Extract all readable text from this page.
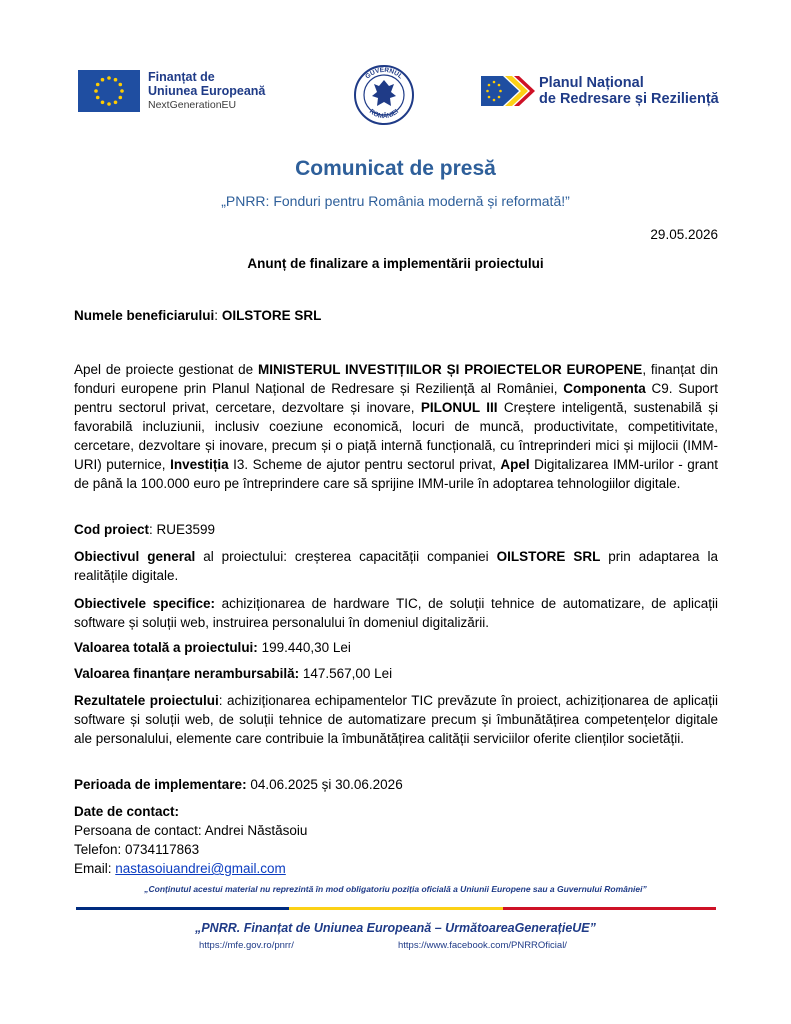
Finanțat de
Uniunea Europeană
NextGenerationEU
GUVERNUL
ROMÂNIEI
Planul Național
de Redresare și Reziliență
Comunicat de presă
„PNRR: Fonduri pentru România modernă și reformată!”
29.05.2026
Anunț de finalizare a implementării proiectului
Numele beneficiarului: OILSTORE SRL
Apel de proiecte gestionat de MINISTERUL INVESTIȚIILOR ȘI PROIECTELOR EUROPENE, finanțat din fonduri europene prin Planul Național de Redresare și Reziliență al României, Componenta C9. Suport pentru sectorul privat, cercetare, dezvoltare și inovare, PILONUL III Creștere inteligentă, sustenabilă și favorabilă incluziunii, inclusiv coeziune economică, locuri de muncă, productivitate, competitivitate, cercetare, dezvoltare și inovare, precum și o piață internă funcțională, cu întreprinderi mici și mijlocii (IMM-URI) puternice, Investiția I3. Scheme de ajutor pentru sectorul privat, Apel Digitalizarea IMM-urilor - grant de până la 100.000 euro pe întreprindere care să sprijine IMM-urile în adoptarea tehnologiilor digitale.
Cod proiect: RUE3599
Obiectivul general al proiectului: creșterea capacității companiei OILSTORE SRL prin adaptarea la realitățile digitale.
Obiectivele specifice: achiziționarea de hardware TIC, de soluții tehnice de automatizare, de aplicații software și soluții web, instruirea personalului în domeniul digitalizării.
Valoarea totală a proiectului: 199.440,30 Lei
Valoarea finanțare nerambursabilă: 147.567,00 Lei
Rezultatele proiectului: achiziționarea echipamentelor TIC prevăzute în proiect, achiziționarea de aplicații software și soluții web, de soluții tehnice de automatizare precum și îmbunătățirea competențelor digitale ale personalului, elemente care contribuie la îmbunătățirea calității serviciilor oferite clienților societății.
Perioada de implementare: 04.06.2025 și 30.06.2026

Date de contact:

Persoana de contact: Andrei Năstăsoiu

Telefon: 0734117863

Email: nastasoiuandrei@gmail.com

„Conținutul acestui material nu reprezintă în mod obligatoriu poziția oficială a Uniunii Europene sau a Guvernului României”
„PNRR. Finanțat de Uniunea Europeană – UrmătoareaGenerațieUE”
https://mfe.gov.ro/pnrr/	https://www.facebook.com/PNRROficial/
